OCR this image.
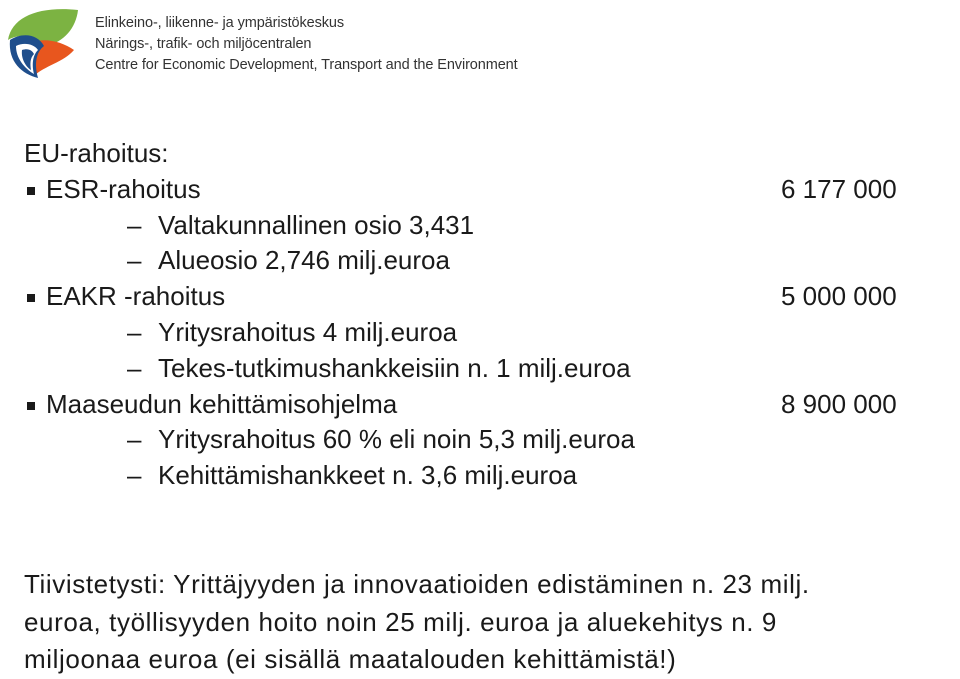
Elinkeino-, liikenne- ja ympäristökeskus
Närings-, trafik- och miljöcentralen
Centre for Economic Development, Transport and the Environment
EU-rahoitus:
ESR-rahoitus	6 177 000
– Valtakunnallinen osio 3,431
– Alueosio 2,746 milj.euroa
EAKR -rahoitus	5 000 000
– Yritysrahoitus 4 milj.euroa
– Tekes-tutkimushankkeisiin n. 1 milj.euroa
Maaseudun kehittämisohjelma	8 900 000
– Yritysrahoitus 60 % eli noin 5,3 milj.euroa
– Kehittämishankkeet n. 3,6 milj.euroa
Tiivistetysti: Yrittäjyyden ja innovaatioiden edistäminen n. 23 milj.
euroa, työllisyyden hoito noin 25 milj. euroa ja aluekehitys n. 9
miljoonaa euroa (ei sisällä maatalouden kehittämistä!)
